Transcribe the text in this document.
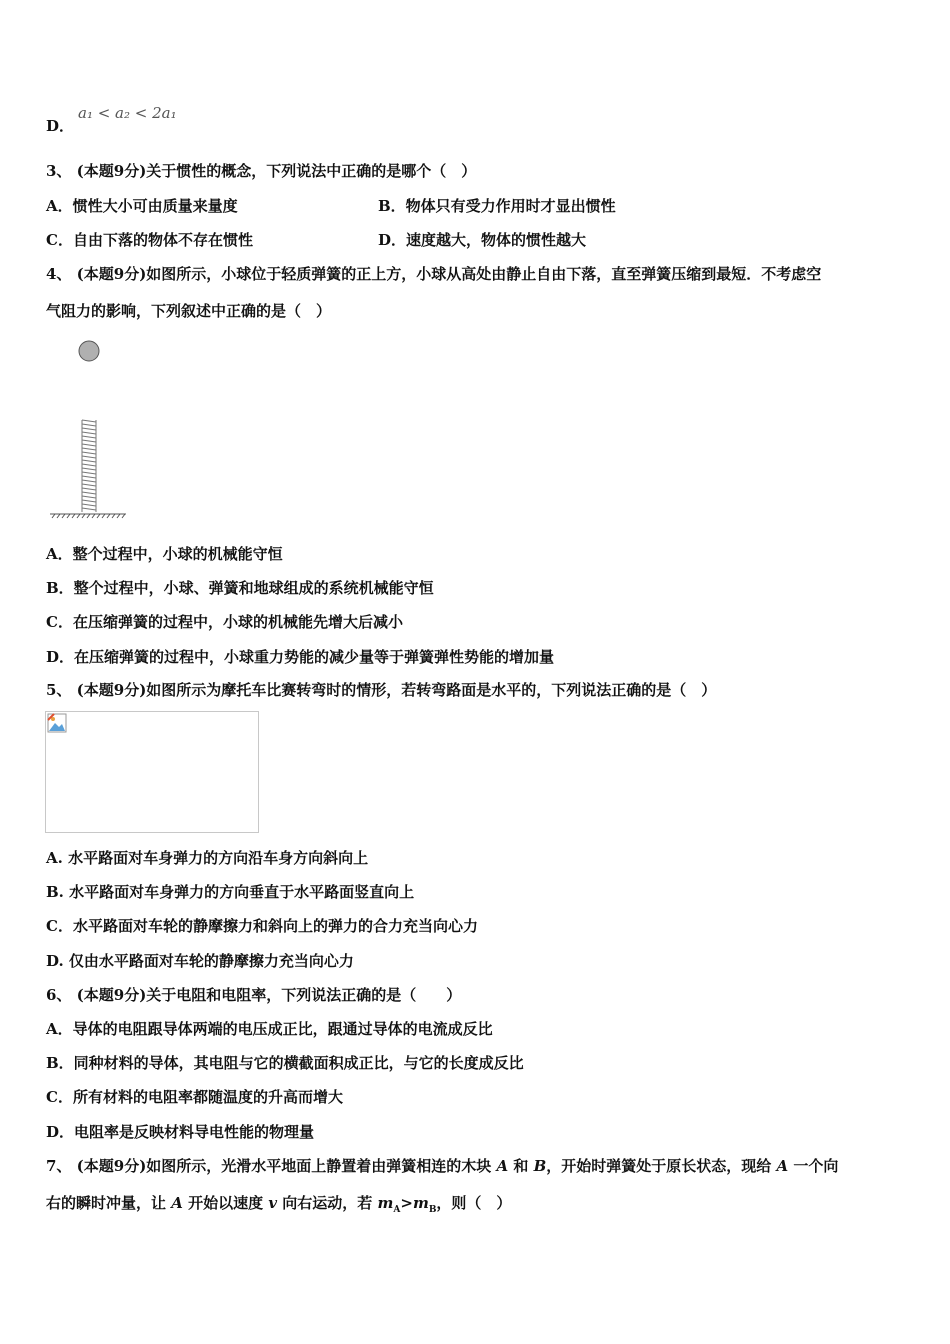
D．
a₁ < a₂ < 2a₁
3、 (本题9分)关于惯性的概念，下列说法中正确的是哪个（　）
A．惯性大小可由质量来量度	B．物体只有受力作用时才显出惯性
C．自由下落的物体不存在惯性	D．速度越大，物体的惯性越大
4、 (本题9分)如图所示，小球位于轻质弹簧的正上方，小球从高处由静止自由下落，直至弹簧压缩到最短．不考虑空
气阻力的影响，下列叙述中正确的是（　）
A．整个过程中，小球的机械能守恒
B．整个过程中，小球、弹簧和地球组成的系统机械能守恒
C．在压缩弹簧的过程中，小球的机械能先增大后减小
D．在压缩弹簧的过程中，小球重力势能的减少量等于弹簧弹性势能的增加量
5、 (本题9分)如图所示为摩托车比赛转弯时的情形，若转弯路面是水平的，下列说法正确的是（　）
A. 水平路面对车身弹力的方向沿车身方向斜向上
B. 水平路面对车身弹力的方向垂直于水平路面竖直向上
C．水平路面对车轮的静摩擦力和斜向上的弹力的合力充当向心力
D. 仅由水平路面对车轮的静摩擦力充当向心力
6、 (本题9分)关于电阻和电阻率，下列说法正确的是（　　）
A．导体的电阻跟导体两端的电压成正比，跟通过导体的电流成反比
B．同种材料的导体，其电阻与它的横截面积成正比，与它的长度成反比
C．所有材料的电阻率都随温度的升高而增大
D．电阻率是反映材料导电性能的物理量
7、 (本题9分)如图所示，光滑水平地面上静置着由弹簧相连的木块 A 和 B，开始时弹簧处于原长状态，现给 A 一个向
右的瞬时冲量，让 A 开始以速度 v 向右运动，若 $m_A>m_B$，则（　）
